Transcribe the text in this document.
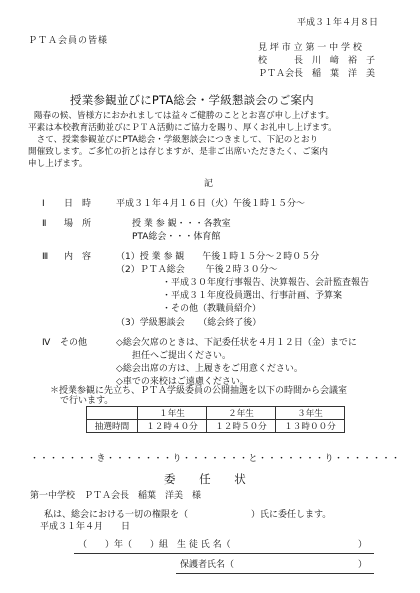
平成３１年４月８日
ＰＴＡ会員の皆様
見 坪 市 立 第 一 中 学 校
校　　　長　川　﨑　裕　子
ＰＴＡ会長　稲　葉　洋　美
授業参観並びにPTA総会・学級懇談会のご案内
陽春の候、皆様方におかれましては益々ご健勝のこととお喜び申し上げます。
平素は本校教育活動並びにＰＴＡ活動にご協力を賜り、厚くお礼申し上げます。
　さて、授業参観並びにPTA総会・学級懇談会につきまして、下記のとおり
開催致します。ご多忙の折とは存じますが、是非ご出席いただきたく、ご案内
申し上げます。
記
Ⅰ 日　時	平成３１年４月１６日（火）午後１時１５分～
Ⅱ 場　所	授 業 参 観・・・各教室
PTA総会・・・体育館
Ⅲ 内　容	（1）授 業 参 観　　午後１時１５分～２時０５分
（2）ＰＴＡ総会　　 午後２時３０分～
・平成３０年度行事報告、決算報告、会計監査報告
・平成３１年度役員選出、行事計画、予算案
・その他（教職員紹介）
（3）学級懇談会　　（総会終了後）
Ⅳ その他	◇総会欠席のときは、下記委任状を４月１２日（金）までに
担任へご提出ください。
◇総会出席の方は、上履きをご用意ください。
◇車での来校はご遠慮ください。
＊授業参観に先立ち、ＰＴＡ学級委員の公開抽選を以下の時間から会議室
で行います。
	１年生	２年生	３年生
抽選時間	１２時４０分	１２時５０分	１３時００分
・・・・・・・き・・・・・・・り・・・・・・・と・・・・・・・り・・・・・・・
委　　任　　状
第一中学校　ＰＴＡ会長　稲葉　洋美　様
私は、総会における一切の権限を（　　　　　　　）氏に委任します。
平成３１年４月　　日
（　　）年（　　）組　生 徒 氏 名（	）
保護者氏名（	）
